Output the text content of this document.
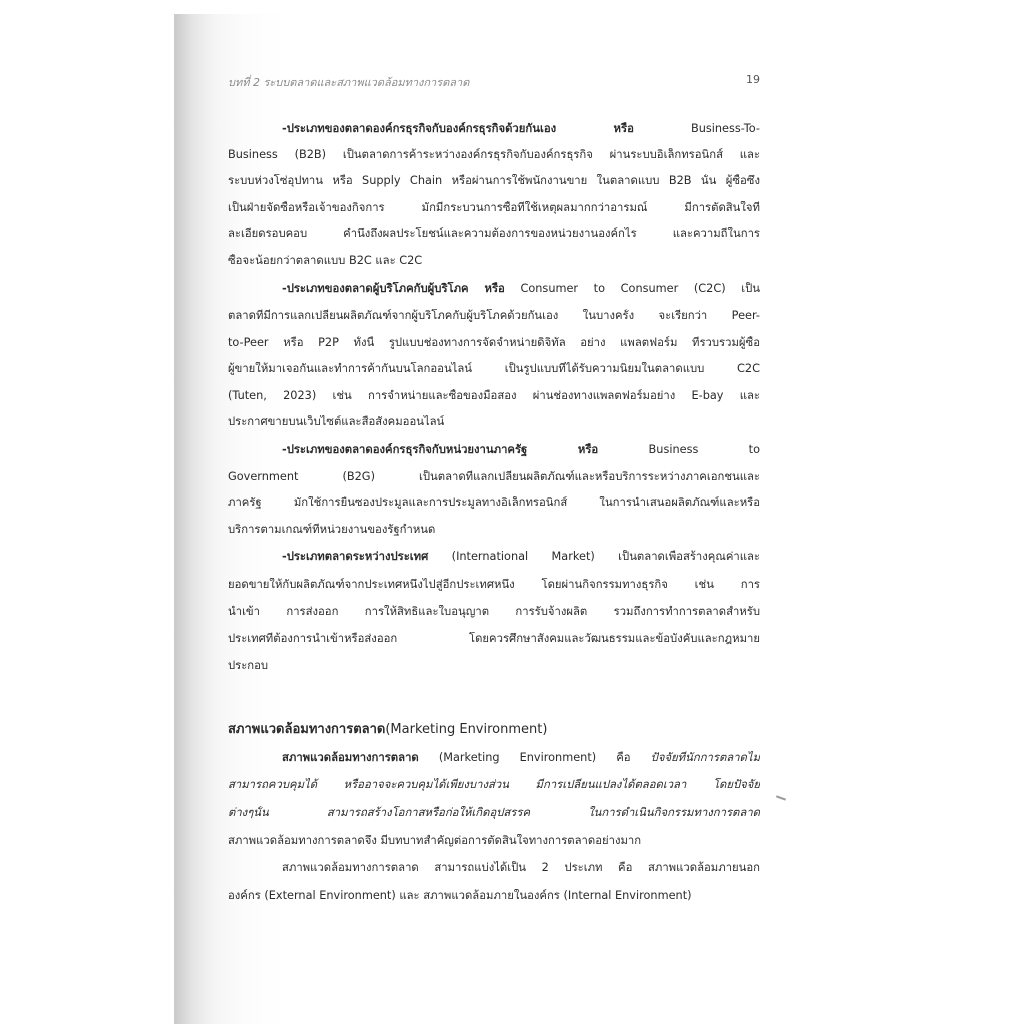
บทที่ 2 ระบบตลาดและสภาพแวดล้อมทางการตลาด	19
-ประเภทของตลาดองค์กรธุรกิจกับองค์กรธุรกิจด้วยกันเอง หรือ	Business-To-
Business (B2B) เป็นตลาดการค้าระหว่างองค์กรธุรกิจกับองค์กรธุรกิจ ผ่านระบบอิเล็กทรอนิกส์ และ
ระบบห่วงโซ่อุปทาน หรือ Supply Chain หรือผ่านการใช้พนักงานขาย ในตลาดแบบ B2B นั้น ผู้ซื้อซึ่ง
เป็นฝ่ายจัดซื้อหรือเจ้าของกิจการ มักมีกระบวนการซื้อที่ใช้เหตุผลมากกว่าอารมณ์ มีการตัดสินใจที่
ละเอียดรอบคอบ คำนึงถึงผลประโยชน์และความต้องการของหน่วยงานองค์กไร และความถี่ในการ
ซื้อจะน้อยกว่าตลาดแบบ B2C และ C2C
-ประเภทของตลาดผู้บริโภคกับผู้บริโภค หรือ Consumer to Consumer (C2C) เป็น
ตลาดที่มีการแลกเปลี่ยนผลิตภัณฑ์จากผู้บริโภคกับผู้บริโภคด้วยกันเอง ในบางครั้ง จะเรียกว่า Peer-
to-Peer หรือ P2P ทั้งนี้ รูปแบบช่องทางการจัดจำหน่ายดิจิทัล อย่าง แพลตฟอร์ม ที่รวบรวมผู้ซื้อ
ผู้ขายให้มาเจอกันและทำการค้ากันบนโลกออนไลน์ เป็นรูปแบบที่ได้รับความนิยมในตลาดแบบ C2C
(Tuten, 2023) เช่น การจำหน่ายและซื้อของมือสอง ผ่านช่องทางแพลตฟอร์มอย่าง E-bay และ
ประกาศขายบนเว็บไซต์และสื่อสังคมออนไลน์
-ประเภทของตลาดองค์กรธุรกิจกับหน่วยงานภาครัฐ หรือ	Business to
Government (B2G) เป็นตลาดที่แลกเปลี่ยนผลิตภัณฑ์และหรือบริการระหว่างภาคเอกชนและ
ภาครัฐ มักใช้การยื่นซองประมูลและการประมูลทางอิเล็กทรอนิกส์ ในการนำเสนอผลิตภัณฑ์และหรือ
บริการตามเกณฑ์ที่หน่วยงานของรัฐกำหนด
-ประเภทตลาดระหว่างประเทศ (International Market) เป็นตลาดเพื่อสร้างคุณค่าและ
ยอดขายให้กับผลิตภัณฑ์จากประเทศหนึ่งไปสู่อีกประเทศหนึ่ง โดยผ่านกิจกรรมทางธุรกิจ เช่น การ
นำเข้า การส่งออก การให้สิทธิและใบอนุญาต การรับจ้างผลิต รวมถึงการทำการตลาดสำหรับ
ประเทศที่ต้องการนำเข้าหรือส่งออก โดยควรศึกษาสังคมและวัฒนธรรมและข้อบังคับและกฎหมาย
ประกอบ
สภาพแวดล้อมทางการตลาด(Marketing Environment)
สภาพแวดล้อมทางการตลาด (Marketing Environment) คือ ปัจจัยที่นักการตลาดไม่
สามารถควบคุมได้ หรืออาจจะควบคุมได้เพียงบางส่วน มีการเปลี่ยนแปลงได้ตลอดเวลา โดยปัจจัย
ต่างๆนั้น สามารถสร้างโอกาสหรือก่อให้เกิดอุปสรรค ในการดำเนินกิจกรรมทางการตลาด
สภาพแวดล้อมทางการตลาดจึง มีบทบาทสำคัญต่อการตัดสินใจทางการตลาดอย่างมาก
สภาพแวดล้อมทางการตลาด สามารถแบ่งได้เป็น 2 ประเภท คือ สภาพแวดล้อมภายนอก
องค์กร (External Environment) และ สภาพแวดล้อมภายในองค์กร (Internal Environment)
